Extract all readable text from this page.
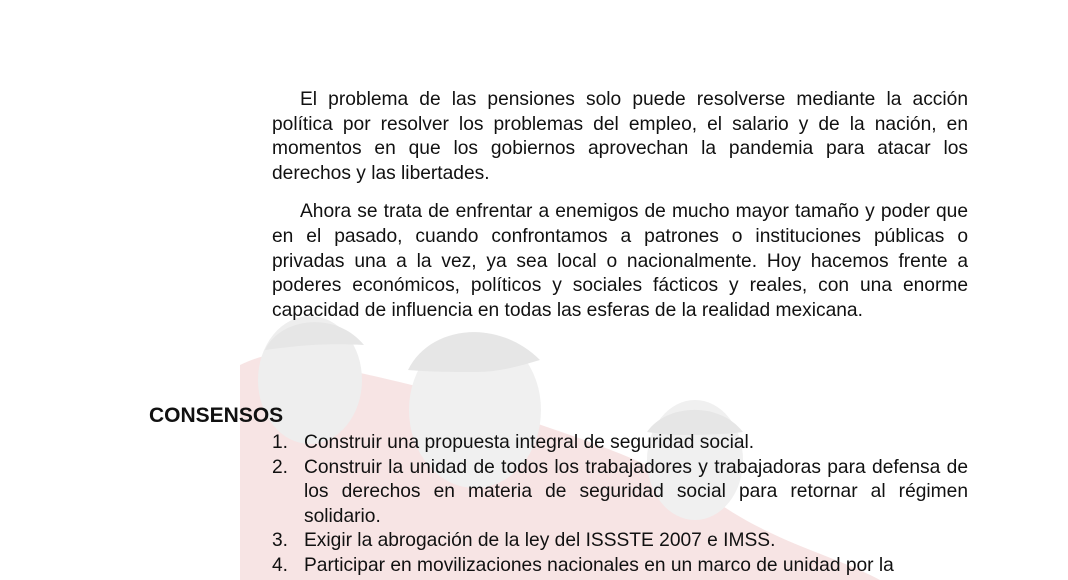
El problema de las pensiones solo puede resolverse mediante la acción política por resolver los problemas del empleo, el salario y de la nación, en momentos en que los gobiernos aprovechan la pandemia para atacar los derechos y las libertades.

Ahora se trata de enfrentar a enemigos de mucho mayor tamaño y poder que en el pasado, cuando confrontamos a patrones o instituciones públicas o privadas una a la vez, ya sea local o nacionalmente. Hoy hacemos frente a poderes económicos, políticos y sociales fácticos y reales, con una enorme capacidad de influencia en todas las esferas de la realidad mexicana.

CONSENSOS
1. Construir una propuesta integral de seguridad social.
2. Construir la unidad de todos los trabajadores y trabajadoras para defensa de los derechos en materia de seguridad social para retornar al régimen solidario.
3. Exigir la abrogación de la ley del ISSSTE 2007 e IMSS.
4. Participar en movilizaciones nacionales en un marco de unidad por la
